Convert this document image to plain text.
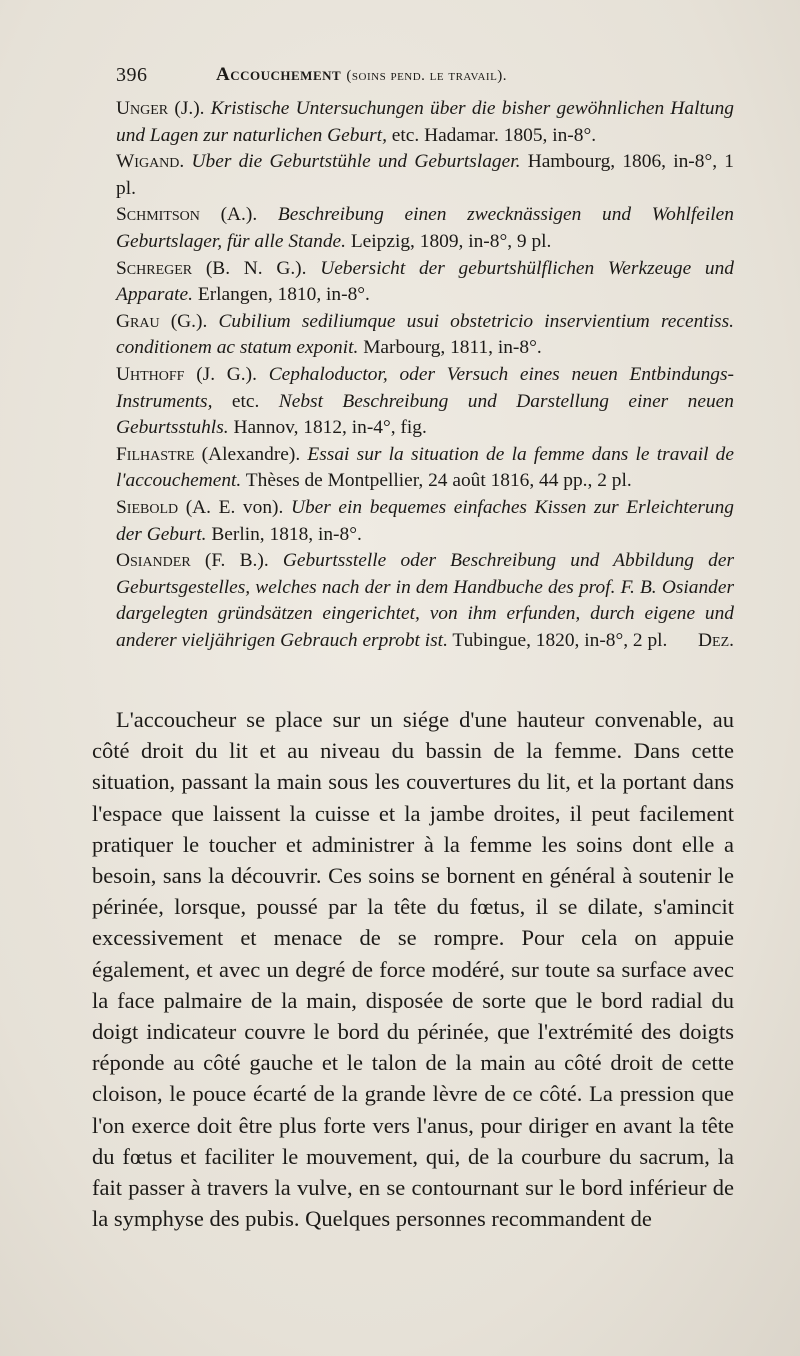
396	Accouchement (soins pend. le travail).

Unger (J.). Kristische Untersuchungen über die bisher gewöhnlichen Haltung und Lagen zur naturlichen Geburt, etc. Hadamar. 1805, in-8°.

Wigand. Uber die Geburtstühle und Geburtslager. Hambourg, 1806, in-8°, 1 pl.

Schmitson (A.). Beschreibung einen zwecknässigen und Wohlfeilen Geburtslager, für alle Stande. Leipzig, 1809, in-8°, 9 pl.

Schreger (B. N. G.). Uebersicht der geburtshülflichen Werkzeuge und Apparate. Erlangen, 1810, in-8°.

Grau (G.). Cubilium sediliumque usui obstetricio inservientium recentiss. conditionem ac statum exponit. Marbourg, 1811, in-8°.

Uhthoff (J. G.). Cephaloductor, oder Versuch eines neuen Entbindungs-Instruments, etc. Nebst Beschreibung und Darstellung einer neuen Geburtsstuhls. Hannov, 1812, in-4°, fig.

Filhastre (Alexandre). Essai sur la situation de la femme dans le travail de l'accouchement. Thèses de Montpellier, 24 août 1816, 44 pp., 2 pl.

Siebold (A. E. von). Uber ein bequemes einfaches Kissen zur Erleichterung der Geburt. Berlin, 1818, in-8°.

Osiander (F. B.). Geburtsstelle oder Beschreibung und Abbildung der Geburtsgestelles, welches nach der in dem Handbuche des prof. F. B. Osiander dargelegten gründsätzen eingerichtet, von ihm erfunden, durch eigene und anderer vieljährigen Gebrauch erprobt ist. Tubingue, 1820, in-8°, 2 pl.	Dez.

L'accoucheur se place sur un siége d'une hauteur convenable, au côté droit du lit et au niveau du bassin de la femme. Dans cette situation, passant la main sous les couvertures du lit, et la portant dans l'espace que laissent la cuisse et la jambe droites, il peut facilement pratiquer le toucher et administrer à la femme les soins dont elle a besoin, sans la découvrir. Ces soins se bornent en général à soutenir le périnée, lorsque, poussé par la tête du fœtus, il se dilate, s'amincit excessivement et menace de se rompre. Pour cela on appuie également, et avec un degré de force modéré, sur toute sa surface avec la face palmaire de la main, disposée de sorte que le bord radial du doigt indicateur couvre le bord du périnée, que l'extrémité des doigts réponde au côté gauche et le talon de la main au côté droit de cette cloison, le pouce écarté de la grande lèvre de ce côté. La pression que l'on exerce doit être plus forte vers l'anus, pour diriger en avant la tête du fœtus et faciliter le mouvement, qui, de la courbure du sacrum, la fait passer à travers la vulve, en se contournant sur le bord inférieur de la symphyse des pubis. Quelques personnes recommandent de
